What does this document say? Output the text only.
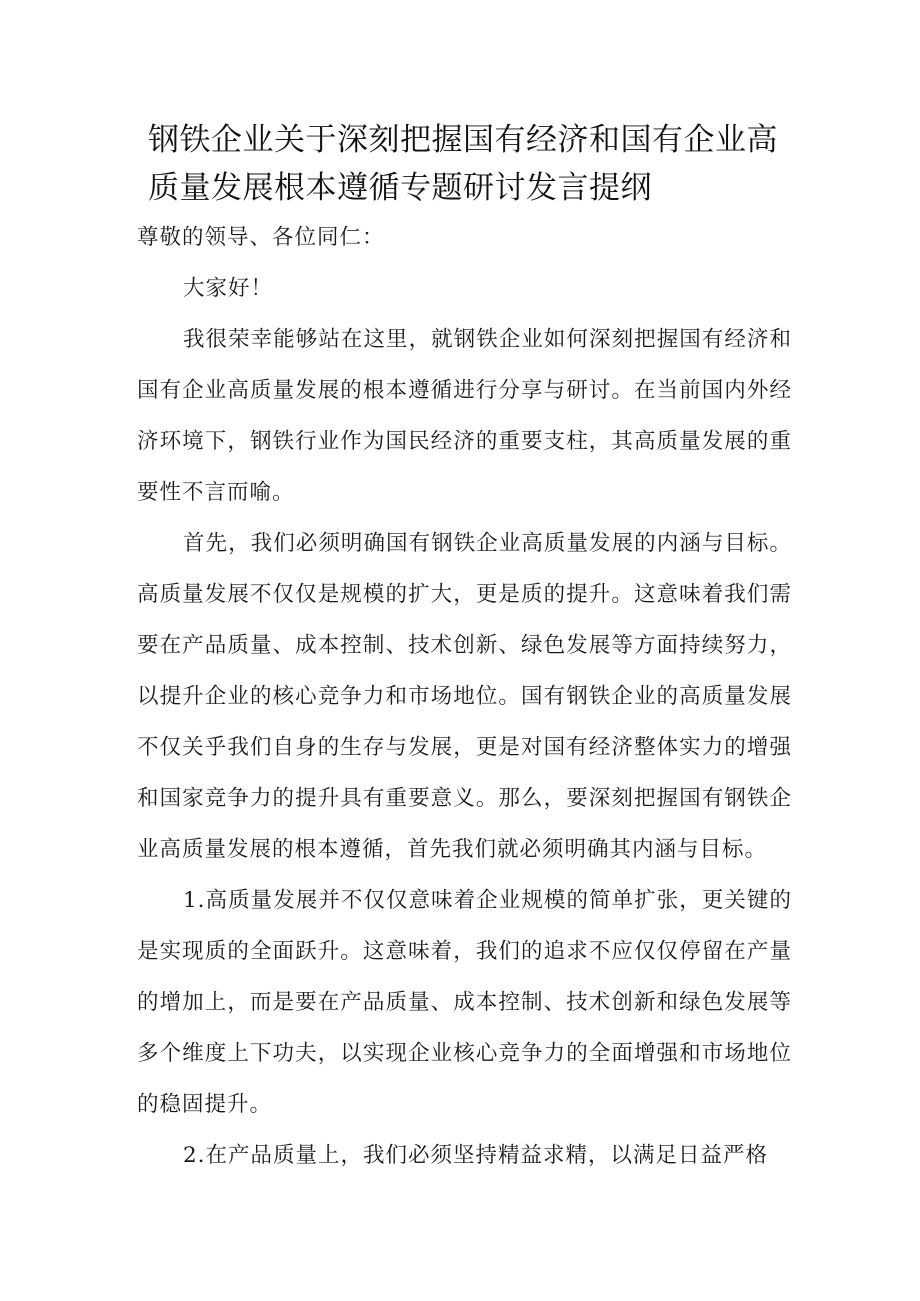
钢铁企业关于深刻把握国有经济和国有企业高
质量发展根本遵循专题研讨发言提纲

尊敬的领导、各位同仁：

大家好！

我很荣幸能够站在这里，就钢铁企业如何深刻把握国有经济和国有企业高质量发展的根本遵循进行分享与研讨。在当前国内外经济环境下，钢铁行业作为国民经济的重要支柱，其高质量发展的重要性不言而喻。

首先，我们必须明确国有钢铁企业高质量发展的内涵与目标。高质量发展不仅仅是规模的扩大，更是质的提升。这意味着我们需要在产品质量、成本控制、技术创新、绿色发展等方面持续努力，以提升企业的核心竞争力和市场地位。国有钢铁企业的高质量发展不仅关乎我们自身的生存与发展，更是对国有经济整体实力的增强和国家竞争力的提升具有重要意义。那么，要深刻把握国有钢铁企业高质量发展的根本遵循，首先我们就必须明确其内涵与目标。

1.高质量发展并不仅仅意味着企业规模的简单扩张，更关键的是实现质的全面跃升。这意味着，我们的追求不应仅仅停留在产量的增加上，而是要在产品质量、成本控制、技术创新和绿色发展等多个维度上下功夫，以实现企业核心竞争力的全面增强和市场地位的稳固提升。

2.在产品质量上，我们必须坚持精益求精，以满足日益严格
